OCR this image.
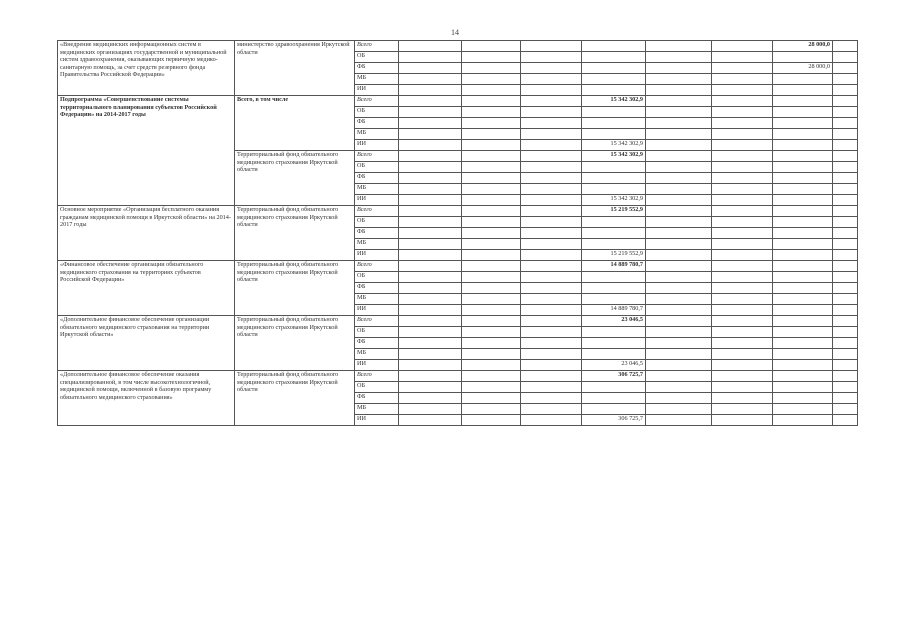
14
«Внедрение медицинских информационных систем в медицинских организациях государственной и муниципальной систем здравоохранения, оказывающих первичную медико-санитарную помощь, за счет средств резервного фонда Правительства Российской Федерации»	министерство здравоохранения Иркутской области	Всего							28 000,0	
		ОБ								
		ФБ							28 000,0	
		МБ								
		ИИ								
Подпрограмма «Совершенствование системы территориального планирования субъектов Российской Федерации» на 2014-2017 годы	Всего, в том числе	Всего				15 342 302,9				
		ОБ								
		ФБ								
		МБ								
		ИИ				15 342 302,9				
	Территориальный фонд обязательного медицинского страхования Иркутской области	Всего				15 342 302,9				
		ОБ								
		ФБ								
		МБ								
		ИИ				15 342 302,9				
Основное мероприятие «Организация бесплатного оказания гражданам медицинской помощи в Иркутской области» на 2014-2017 годы	Территориальный фонд обязательного медицинского страхования Иркутской области	Всего				15 219 552,9				
		ОБ								
		ФБ								
		МБ								
		ИИ				15 219 552,9				
«Финансовое обеспечение организации обязательного медицинского страхования на территориях субъектов Российской Федерации»	Территориальный фонд обязательного медицинского страхования Иркутской области	Всего				14 889 780,7				
		ОБ								
		ФБ								
		МБ								
		ИИ				14 889 780,7				
«Дополнительное финансовое обеспечение организации обязательного медицинского страхования на территории Иркутской области»	Территориальный фонд обязательного медицинского страхования Иркутской области	Всего				23 046,5				
		ОБ								
		ФБ								
		МБ								
		ИИ				23 046,5				
«Дополнительное финансовое обеспечение оказания специализированной, в том числе высокотехнологичной, медицинской помощи, включенной в базовую программу обязательного медицинского страхования»	Территориальный фонд обязательного медицинского страхования Иркутской области	Всего				306 725,7				
		ОБ								
		ФБ								
		МБ								
		ИИ				306 725,7				
